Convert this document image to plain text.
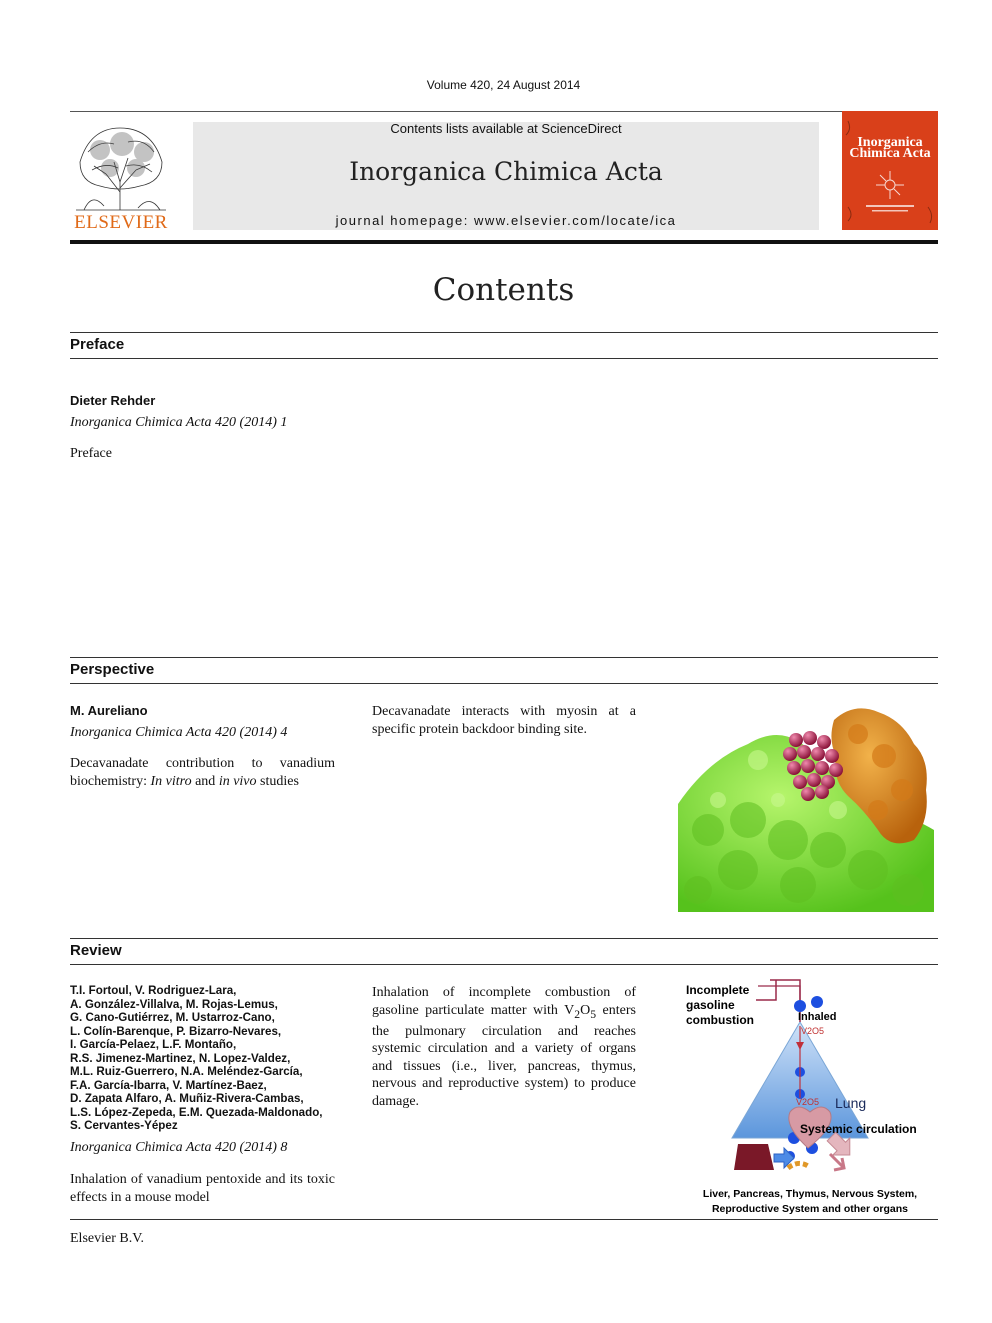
Volume 420, 24 August 2014
ELSEVIER
Contents lists available at ScienceDirect
Inorganica Chimica Acta
journal homepage: www.elsevier.com/locate/ica
Inorganica
Chimica Acta
Contents
Preface
Dieter Rehder
Inorganica Chimica Acta 420 (2014) 1
Preface
Perspective
M. Aureliano
Inorganica Chimica Acta 420 (2014) 4
Decavanadate contribution to vanadium biochemistry: In vitro and in vivo studies
Decavanadate interacts with myosin at a specific protein backdoor binding site.
Review
T.I. Fortoul, V. Rodriguez-Lara,
A. González-Villalva, M. Rojas-Lemus,
G. Cano-Gutiérrez, M. Ustarroz-Cano,
L. Colín-Barenque, P. Bizarro-Nevares,
I. García-Pelaez, L.F. Montaño,
R.S. Jimenez-Martinez, N. Lopez-Valdez,
M.L. Ruiz-Guerrero, N.A. Meléndez-García,
F.A. García-Ibarra, V. Martínez-Baez,
D. Zapata Alfaro, A. Muñiz-Rivera-Cambas,
L.S. López-Zepeda, E.M. Quezada-Maldonado,
S. Cervantes-Yépez
Inorganica Chimica Acta 420 (2014) 8
Inhalation of vanadium pentoxide and its toxic effects in a mouse model
Inhalation of incomplete combustion of gasoline particulate matter with $V_2O_5$ enters the pulmonary circulation and reaches systemic circulation and a variety of organs and tissues (i.e., liver, pancreas, thymus, nervous and reproductive system) to produce damage.
Incomplete
gasoline
combustion	Inhaled
V2O5
V2O5 Lung
Systemic circulation
Liver, Pancreas, Thymus, Nervous System,
Reproductive System and other organs
Elsevier B.V.
